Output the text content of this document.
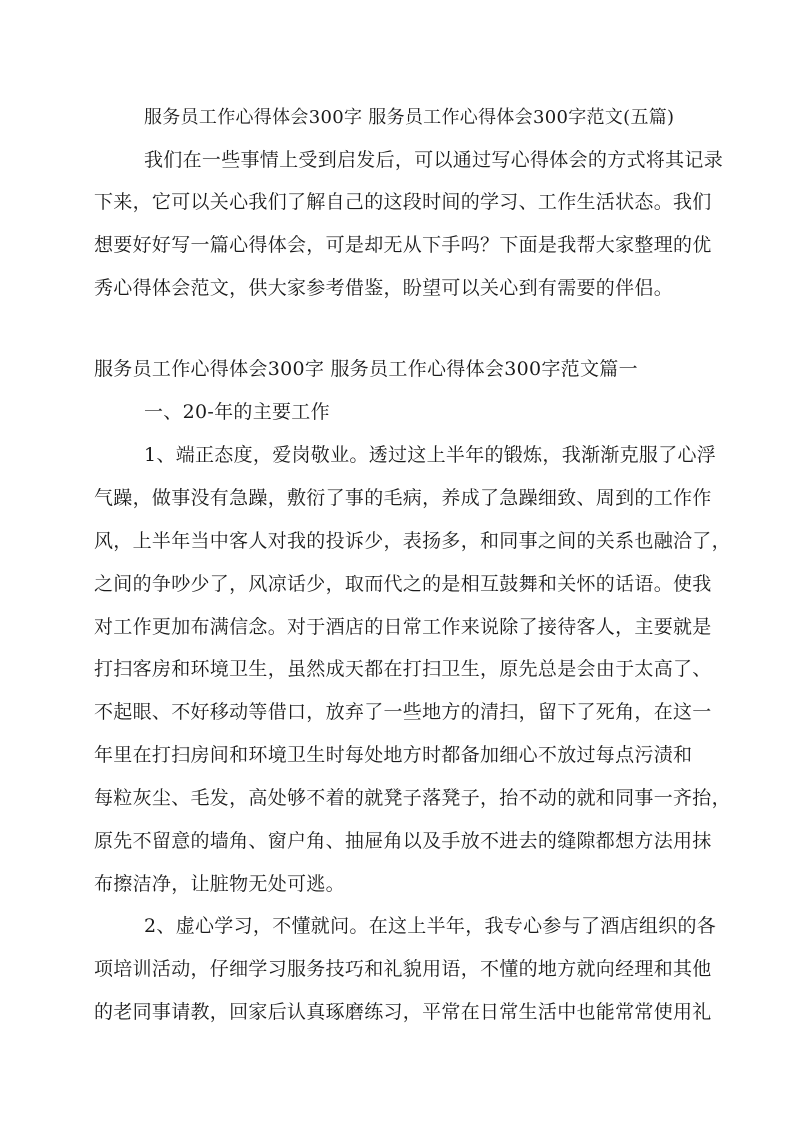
服务员工作心得体会300字 服务员工作心得体会300字范文(五篇)
我们在一些事情上受到启发后，可以通过写心得体会的方式将其记录
下来，它可以关心我们了解自己的这段时间的学习、工作生活状态。我们
想要好好写一篇心得体会，可是却无从下手吗？下面是我帮大家整理的优
秀心得体会范文，供大家参考借鉴，盼望可以关心到有需要的伴侣。
服务员工作心得体会300字 服务员工作心得体会300字范文篇一
一、20-年的主要工作
1、端正态度，爱岗敬业。透过这上半年的锻炼，我渐渐克服了心浮
气躁，做事没有急躁，敷衍了事的毛病，养成了急躁细致、周到的工作作
风，上半年当中客人对我的投诉少，表扬多，和同事之间的关系也融洽了，
之间的争吵少了，风凉话少，取而代之的是相互鼓舞和关怀的话语。使我
对工作更加布满信念。对于酒店的日常工作来说除了接待客人，主要就是
打扫客房和环境卫生，虽然成天都在打扫卫生，原先总是会由于太高了、
不起眼、不好移动等借口，放弃了一些地方的清扫，留下了死角，在这一
年里在打扫房间和环境卫生时每处地方时都备加细心不放过每点污渍和
每粒灰尘、毛发，高处够不着的就凳子落凳子，抬不动的就和同事一齐抬，
原先不留意的墙角、窗户角、抽屉角以及手放不进去的缝隙都想方法用抹
布擦洁净，让脏物无处可逃。
2、虚心学习，不懂就问。在这上半年，我专心参与了酒店组织的各
项培训活动，仔细学习服务技巧和礼貌用语，不懂的地方就向经理和其他
的老同事请教，回家后认真琢磨练习，平常在日常生活中也能常常使用礼
